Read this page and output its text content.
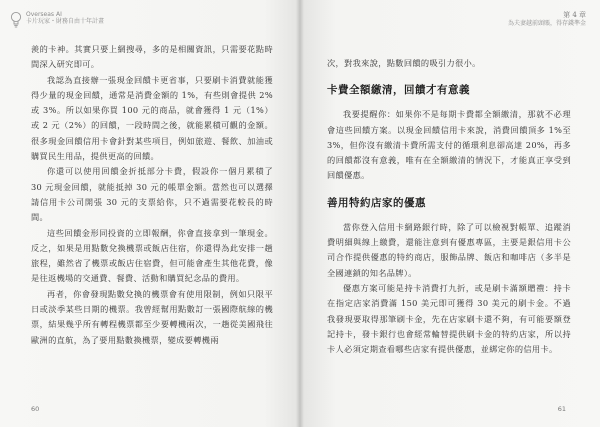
Overseas AI
卡片玩家・財務自由十年計畫

羨的卡神。其實只要上網搜尋，多的是相關資訊，只需要花點時間深入研究即可。

我認為直接辦一張現金回饋卡更省事，只要刷卡消費就能獲得少量的現金回饋，通常是消費金額的 1%，有些則會提供 2%或 3%。所以如果你買 100 元的商品，就會獲得 1 元（1%）或 2 元（2%）的回饋，一段時間之後，就能累積可觀的金額。很多現金回饋信用卡會針對某些項目，例如旅遊、餐飲、加油或購買民生用品，提供更高的回饋。

你還可以使用回饋金折抵部分卡費，假設你一個月累積了 30 元現金回饋，就能抵掉 30 元的帳單金額。當然也可以選擇請信用卡公司開張 30 元的支票給你，只不過需要花較長的時間。

這些回饋金形同投資的立即報酬，你會直接拿到一筆現金。反之，如果是用點數兌換機票或飯店住宿，你還得為此安排一趟旅程，雖然省了機票或飯店住宿費，但可能會產生其他花費，像是往返機場的交通費、餐費、活動和購買紀念品的費用。

再者，你會發現點數兌換的機票會有使用限制，例如只限平日或淡季某些日期的機票。我曾經幫用點數訂一張國際航線的機票，結果幾乎所有轉程機票都至少要轉機兩次，一趟從美國飛往歐洲的直航，為了要用點數換機票，變成要轉機兩

60
第 4 章
為夫妻越前頭賬，得存錢準金

次，對我來說，點數回饋的吸引力很小。

卡費全額繳清，回饋才有意義

我要提醒你：如果你不是每期卡費都全額繳清，那就不必理會這些回饋方案。以現金回饋信用卡來說，消費回饋頂多 1%至 3%，但你沒有繳清卡費所需支付的循環利息卻高達 20%，再多的回饋都沒有意義，唯有在全額繳清的情況下，才能真正享受到回饋優惠。

善用特約店家的優惠

當你登入信用卡網路銀行時，除了可以檢視對帳單、追蹤消費明細與線上繳費，還能注意到有優惠專區，主要是銀信用卡公司合作提供優惠的特約商店，服飾品牌、飯店和咖啡店（多半是全國連鎖的知名品牌）。

優惠方案可能是持卡消費打九折，或是刷卡滿額贈禮：持卡在指定店家消費滿 150 美元即可獲得 30 美元的刷卡金。不過我發現要取得那筆刷卡金，先在店家刷卡還不夠，有可能要額登記持卡，發卡銀行也會經常輪替提供刷卡金的特約店家，所以持卡人必須定期查看哪些店家有提供優惠，並綁定你的信用卡。

61
